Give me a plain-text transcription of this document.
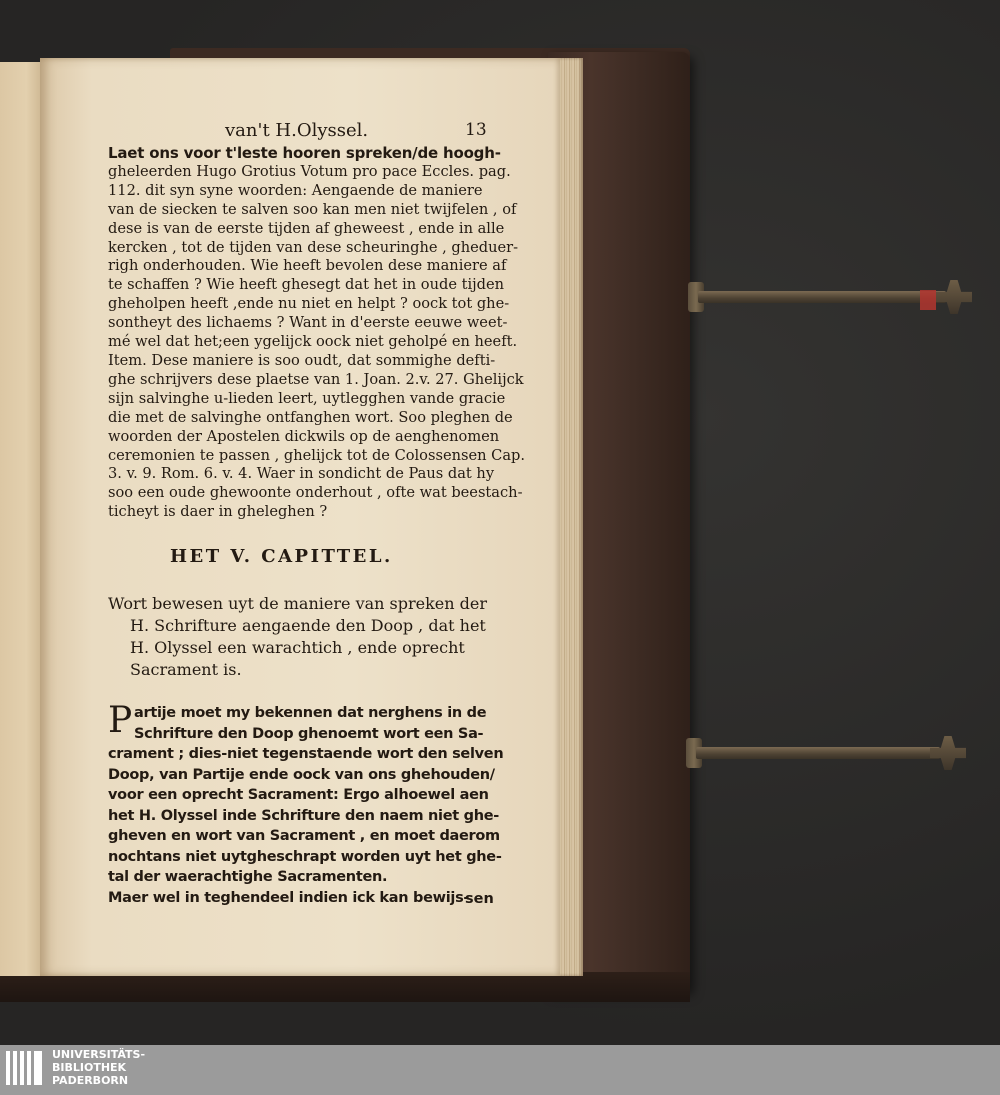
van't H.Olyssel.	13
Laet ons voor t'leste hooren spreken/de hoogh-
gheleerden Hugo Grotius Votum pro pace Eccles. pag.
112. dit syn syne woorden: Aengaende de maniere
van de siecken te salven soo kan men niet twijfelen , of
dese is van de eerste tijden af gheweest , ende in alle
kercken , tot de tijden van dese scheuringhe , gheduer-
righ onderhouden. Wie heeft bevolen dese maniere af
te schaffen ? Wie heeft ghesegt dat het in oude tijden
gheholpen heeft ,ende nu niet en helpt ? oock tot ghe-
sontheyt des lichaems ? Want in d'eerste eeuwe weet-
mé wel dat het;een ygelijck oock niet geholpé en heeft.
Item. Dese maniere is soo oudt, dat sommighe defti-
ghe schrijvers dese plaetse van 1. Joan. 2.v. 27. Ghelijck
sijn salvinghe u-lieden leert, uytlegghen vande gracie
die met de salvinghe ontfanghen wort. Soo pleghen de
woorden der Apostelen dickwils op de aenghenomen
ceremonien te passen , ghelijck tot de Colossensen Cap.
3. v. 9. Rom. 6. v. 4. Waer in sondicht de Paus dat hy
soo een oude ghewoonte onderhout , ofte wat beestach-
ticheyt is daer in gheleghen ?
HET V. CAPITTEL.
Wort bewesen uyt de maniere van spreken der
H. Schrifture aengaende den Doop , dat het
H. Olyssel een warachtich , ende oprecht
Sacrament is.
P artije moet my bekennen dat nerghens in de
Schrifture den Doop ghenoemt wort een Sa-
crament ; dies-niet tegenstaende wort den selven
Doop, van Partije ende oock van ons ghehouden/
voor een oprecht Sacrament: Ergo alhoewel aen
het H. Olyssel inde Schrifture den naem niet ghe-
gheven en wort van Sacrament , en moet daerom
nochtans niet uytgheschrapt worden uyt het ghe-
tal der waerachtighe Sacramenten.
Maer wel in teghendeel indien ick kan bewijs-
sen
UNIVERSITÄTS-
BIBLIOTHEK
PADERBORN
